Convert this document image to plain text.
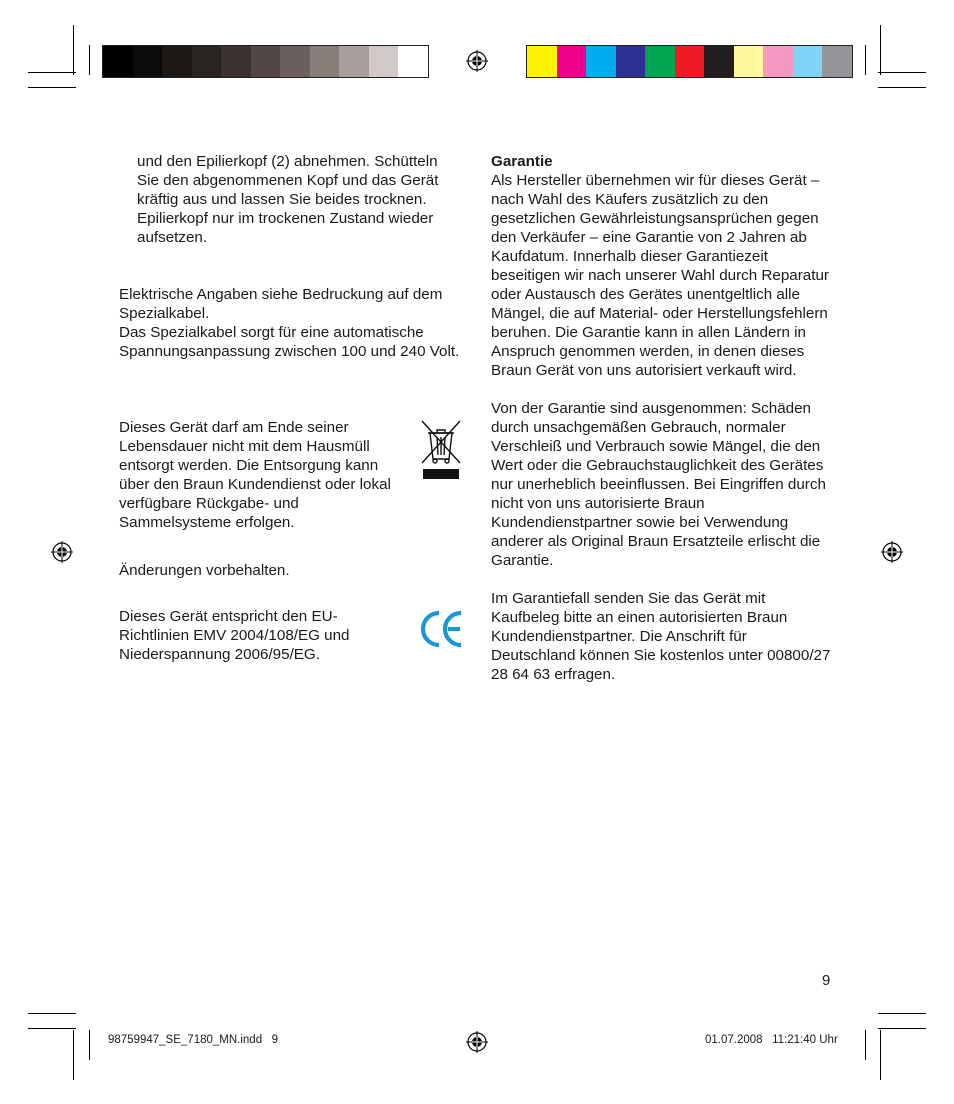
und den Epilierkopf (2) abnehmen. Schütteln Sie den abgenommenen Kopf und das Gerät kräftig aus und lassen Sie beides trocknen. Epilierkopf nur im trockenen Zustand wieder aufsetzen.

Elektrische Angaben siehe Bedruckung auf dem Spezialkabel.

Das Spezialkabel sorgt für eine automatische Spannungsanpassung zwischen 100 und 240 Volt.

Dieses Gerät darf am Ende seiner Lebensdauer nicht mit dem Hausmüll entsorgt werden. Die Entsorgung kann über den Braun Kundendienst oder lokal verfügbare Rückgabe- und Sammelsysteme erfolgen.

Änderungen vorbehalten.

Dieses Gerät entspricht den EU-Richtlinien EMV 2004/108/EG und Niederspannung 2006/95/EG.

Garantie

Als Hersteller übernehmen wir für dieses Gerät – nach Wahl des Käufers zusätzlich zu den gesetzlichen Gewährleistungsansprüchen gegen den Verkäufer – eine Garantie von 2 Jahren ab Kaufdatum. Innerhalb dieser Garantiezeit beseitigen wir nach unserer Wahl durch Reparatur oder Austausch des Gerätes unentgeltlich alle Mängel, die auf Material- oder Herstellungsfehlern beruhen. Die Garantie kann in allen Ländern in Anspruch genommen werden, in denen dieses Braun Gerät von uns autorisiert verkauft wird.

Von der Garantie sind ausgenommen: Schäden durch unsachgemäßen Gebrauch, normaler Verschleiß und Verbrauch sowie Mängel, die den Wert oder die Gebrauchstauglichkeit des Gerätes nur unerheblich beeinflussen. Bei Eingriffen durch nicht von uns autorisierte Braun Kundendienstpartner sowie bei Verwendung anderer als Original Braun Ersatzteile erlischt die Garantie.

Im Garantiefall senden Sie das Gerät mit Kaufbeleg bitte an einen autorisierten Braun Kundendienstpartner. Die Anschrift für Deutschland können Sie kostenlos unter 00800/27 28 64 63 erfragen.

9
98759947_SE_7180_MN.indd   9	01.07.2008   11:21:40 Uhr
